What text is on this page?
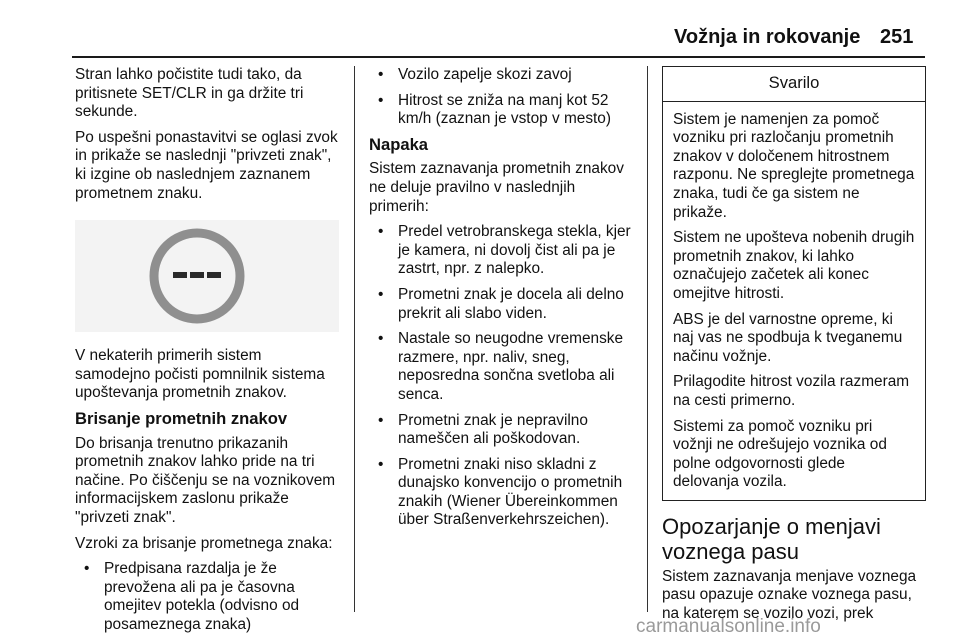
Vožnja in rokovanje 251

Stran lahko počistite tudi tako, da pritisnete SET/CLR in ga držite tri sekunde.

Po uspešni ponastavitvi se oglasi zvok in prikaže se naslednji "privzeti znak", ki izgine ob naslednjem zaznanem prometnem znaku.

V nekaterih primerih sistem samodejno počisti pomnilnik sistema upoštevanja prometnih znakov.

Brisanje prometnih znakov

Do brisanja trenutno prikazanih prometnih znakov lahko pride na tri načine. Po čiščenju se na voznikovem informacijskem zaslonu prikaže "privzeti znak".

Vzroki za brisanje prometnega znaka:

• Predpisana razdalja je že prevožena ali pa je časovna omejitev potekla (odvisno od posameznega znaka)
• Vozilo zapelje skozi zavoj
• Hitrost se zniža na manj kot 52 km/h (zaznan je vstop v mesto)
Napaka

Sistem zaznavanja prometnih znakov ne deluje pravilno v naslednjih primerih:

• Predel vetrobranskega stekla, kjer je kamera, ni dovolj čist ali pa je zastrt, npr. z nalepko.
• Prometni znak je docela ali delno prekrit ali slabo viden.
• Nastale so neugodne vremenske razmere, npr. naliv, sneg, neposredna sončna svetloba ali senca.
• Prometni znak je nepravilno nameščen ali poškodovan.
• Prometni znaki niso skladni z dunajsko konvencijo o prometnih znakih (Wiener Übereinkommen über Straßenverkehrszeichen).
Svarilo

Sistem je namenjen za pomoč vozniku pri razločanju prometnih znakov v določenem hitrostnem razponu. Ne spreglejte prometnega znaka, tudi če ga sistem ne prikaže.

Sistem ne upošteva nobenih drugih prometnih znakov, ki lahko označujejo začetek ali konec omejitve hitrosti.

ABS je del varnostne opreme, ki naj vas ne spodbuja k tveganemu načinu vožnje.

Prilagodite hitrost vozila razmeram na cesti primerno.

Sistemi za pomoč vozniku pri vožnji ne odrešujejo voznika od polne odgovornosti glede delovanja vozila.

Opozarjanje o menjavi voznega pasu

Sistem zaznavanja menjave voznega pasu opazuje oznake voznega pasu, na katerem se vozilo vozi, prek

carmanualsonline.info
